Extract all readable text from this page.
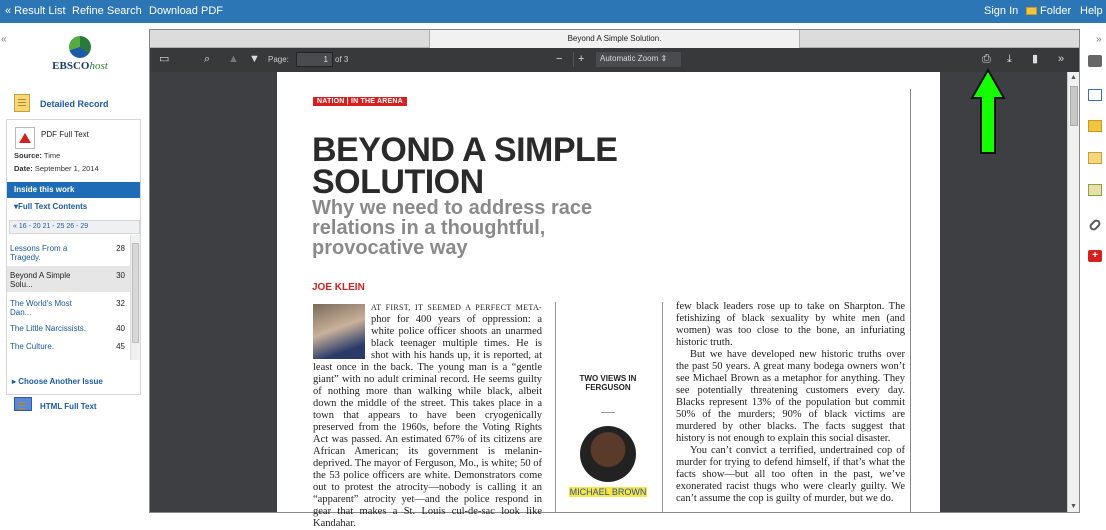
« Result List Refine Search Download PDF	Sign In	Folder Help
«	»
EBSCOhost
Detailed Record
PDF Full Text
Source: Time
Date: September 1, 2014
Inside this work
▾Full Text Contents
« 16 - 20 21 - 25 26 - 29
Lessons From a Tragedy.
28
Beyond A Simple Solu...
30
The World's Most Dan...
32
The Little Narcissists.	40
The Culture.	45
▸ Choose Another Issue
HTML Full Text
Beyond A Simple Solution.
▭	⌕ ▲ ▼ Page:	1 of 3	− +	Automatic Zoom ⇕	⎙ ⤓ ▮ »
▲
▼
NATION | IN THE ARENA
BEYOND A SIMPLE SOLUTION
Why we need to address race relations in a thoughtful, provocative way
JOE KLEIN
AT FIRST, IT SEEMED A PERFECT META- phor for 400 years of oppression: a white police officer shoots an unarmed black teenager multiple times. He is shot with his hands up, it is reported, at least once in the back. The young man is a “gentle giant” with no adult criminal record. He seems guilty of nothing more than walking while black, albeit down the middle of the street. This takes place in a town that appears to have been cryogenically preserved from the 1960s, before the Voting Rights Act was passed. An estimated 67% of its citizens are African American; its government is melanin-deprived. The mayor of Ferguson, Mo., is white; 50 of the 53 police officers are white. Demonstrators come out to protest the atrocity—nobody is calling it an “apparent” atrocity yet—and the police respond in gear that makes a St. Louis cul-de-sac look like Kandahar.
TWO VIEWS IN FERGUSON
MICHAEL BROWN

few black leaders rose up to take on Sharpton. The fetishizing of black sexuality by white men (and women) was too close to the bone, an infuriating historic truth.

But we have developed new historic truths over the past 50 years. A great many bodega owners won’t see Michael Brown as a metaphor for anything. They see potentially threatening customers every day. Blacks represent 13% of the population but commit 50% of the murders; 90% of black victims are murdered by other blacks. The facts suggest that history is not enough to explain this social disaster.

You can’t convict a terrified, undertrained cop of murder for trying to defend himself, if that’s what the facts show—but all too often in the past, we’ve exonerated racist thugs who were clearly guilty. We can’t assume the cop is guilty of murder, but we do.

+
